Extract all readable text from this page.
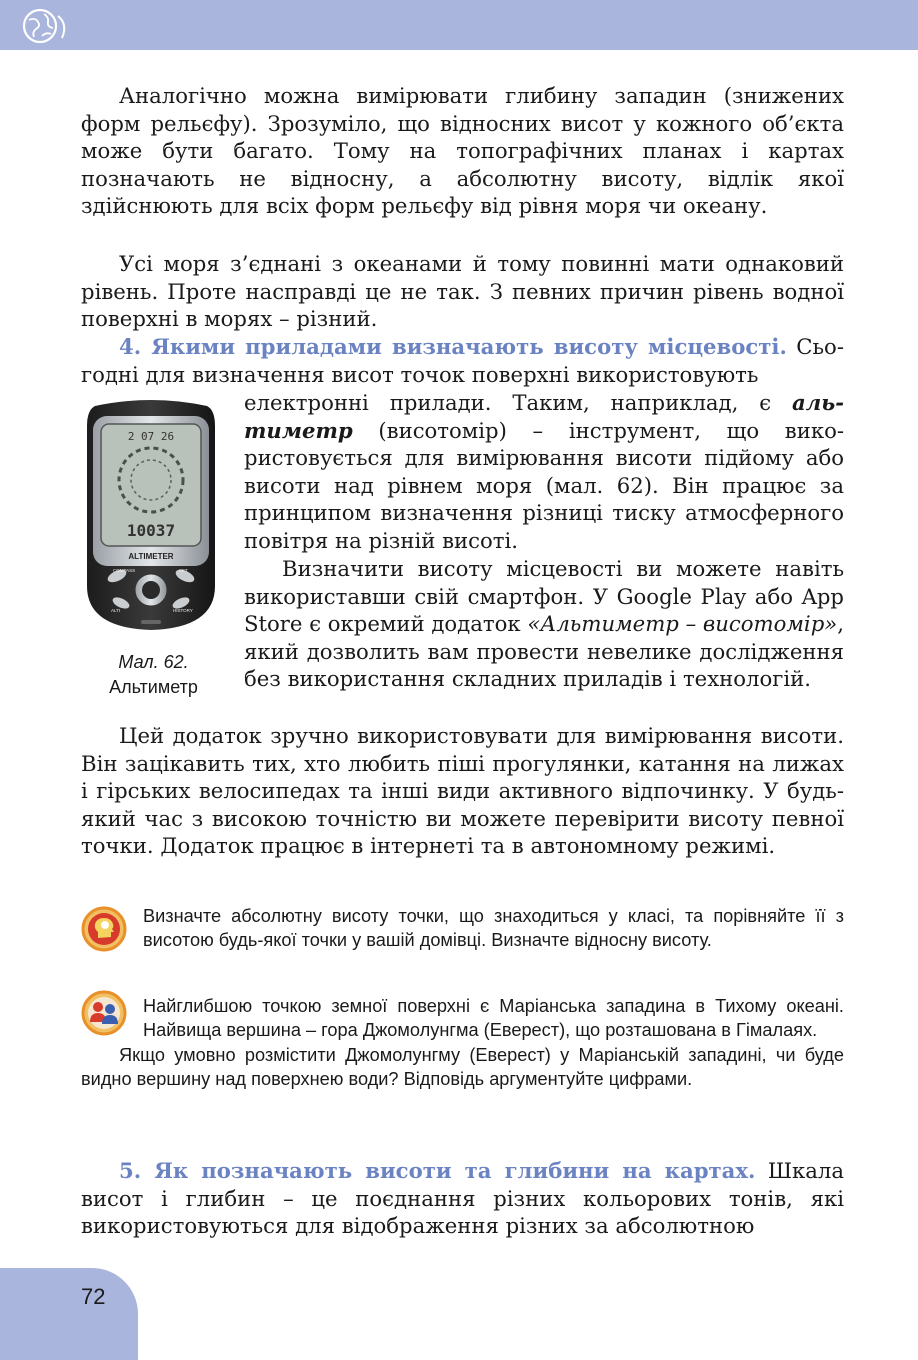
Аналогічно можна вимірювати глибину западин (знижених форм рельєфу). Зрозуміло, що відносних висот у кожного об’єкта може бути багато. Тому на топографічних планах і картах позначають не відносну, а абсолютну висоту, відлік якої здійснюють для всіх форм рельєфу від рівня моря чи океану.

Усі моря з’єднані з океанами й тому повинні мати однаковий рівень. Проте насправді це не так. З певних причин рівень водної поверхні в морях – різний.

4. Якими приладами визначають висоту місцевості. Сьогодні для визначення висот точок поверхні використовують

електронні прилади. Таким, наприклад, є альтиметр (висотомір) – інструмент, що використовується для вимірювання висоти підйому або висоти над рівнем моря (мал. 62). Він працює за принципом визначення різниці тиску атмосферного повітря на різній висоті.

Визначити висоту місцевості ви можете навіть використавши свій смартфон. У Google Play або App Store є окремий додаток «Альтиметр – висотомір», який дозволить вам провести невелике дослідження без використання складних приладів і технологій.

2 07 26
10037
ALTIMETER
COMPASS	SET
ALTI	HISTORY
Мал. 62.
Альтиметр

Цей додаток зручно використовувати для вимірювання висоти. Він зацікавить тих, хто любить піші прогулянки, катання на лижах і гірських велосипедах та інші види активного відпочинку. У будь-який час з високою точністю ви можете перевірити висоту певної точки. Додаток працює в інтернеті та в автономному режимі.

Визначте абсолютну висоту точки, що знаходиться у класі, та порівняйте її з висотою будь-якої точки у вашій домівці. Визначте відносну висоту.

Найглибшою точкою земної поверхні є Маріанська западина в Тихому океані. Найвища вершина – гора Джомолунгма (Еверест), що розташована в Гімалаях.

Якщо умовно розмістити Джомолунгму (Еверест) у Маріанській западині, чи буде видно вершину над поверхнею води? Відповідь аргументуйте цифрами.

5. Як позначають висоти та глибини на картах. Шкала висот і глибин – це поєднання різних кольорових тонів, які використовуються для відображення різних за абсолютною

72
